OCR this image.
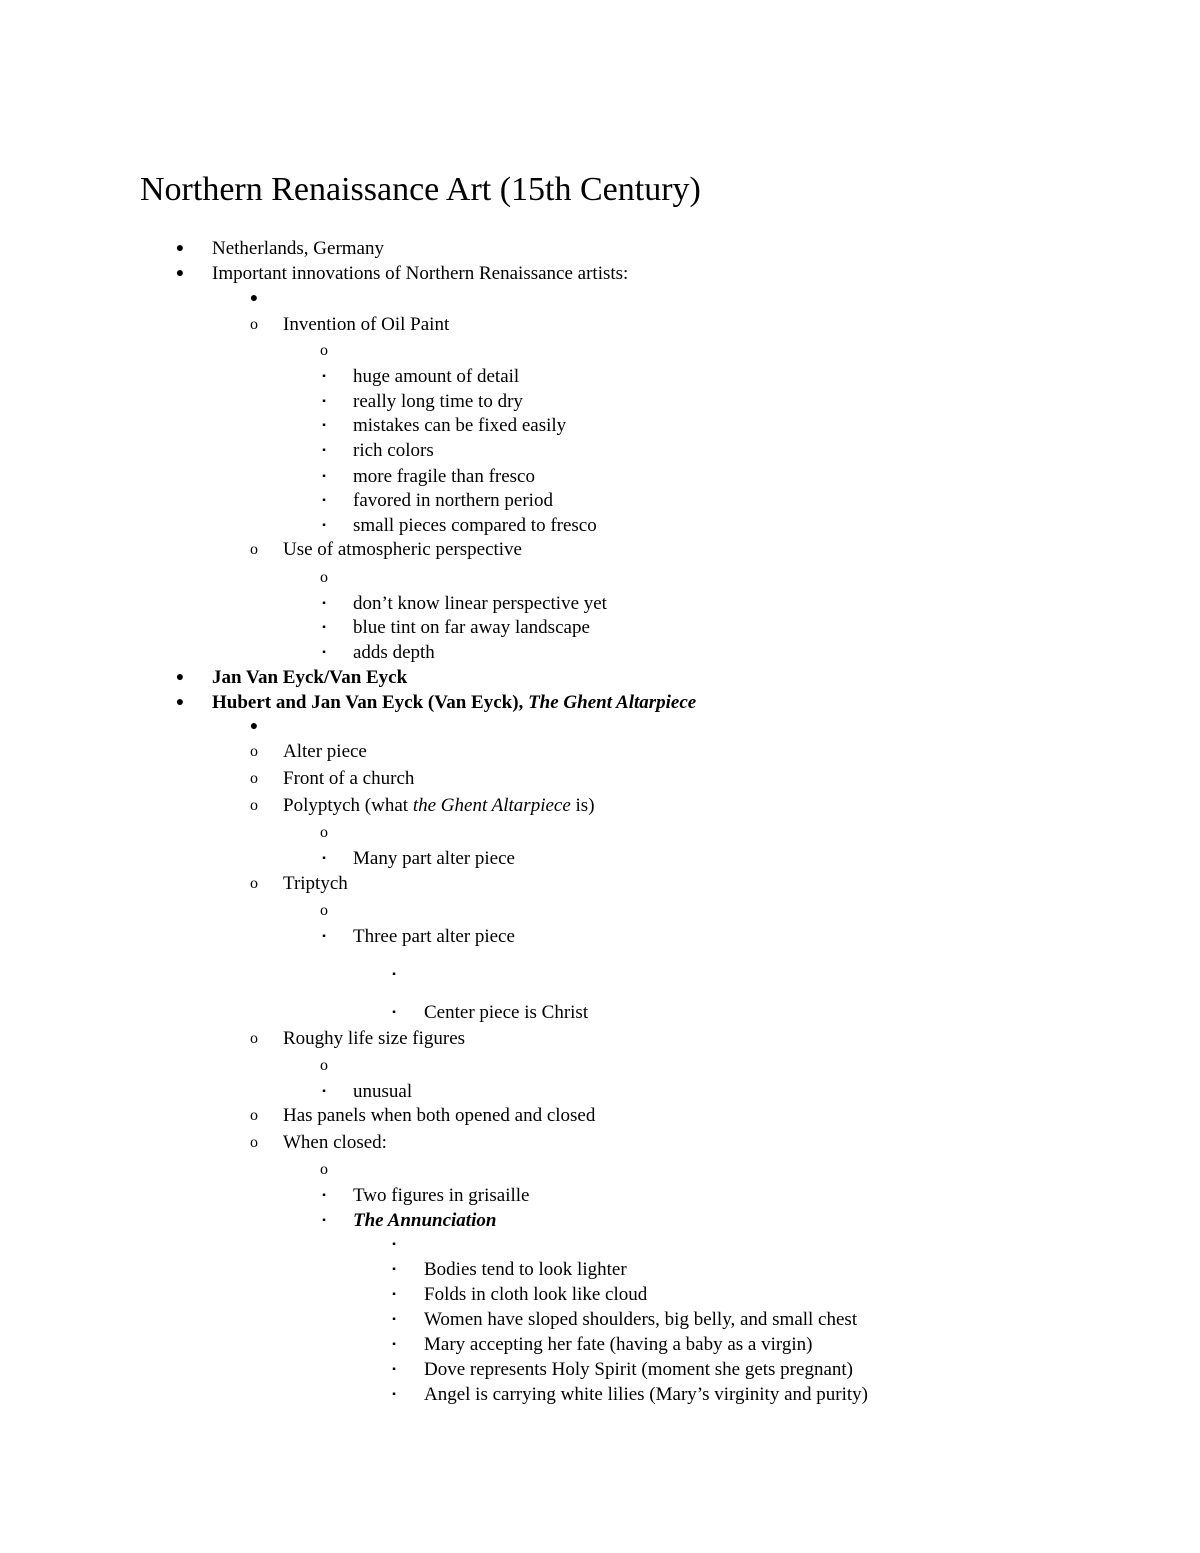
Northern Renaissance Art (15th Century)
● Netherlands, Germany
● Important innovations of Northern Renaissance artists:
●
o Invention of Oil Paint
o
▪ huge amount of detail
▪ really long time to dry
▪ mistakes can be fixed easily
▪ rich colors
▪ more fragile than fresco
▪ favored in northern period
▪ small pieces compared to fresco
o Use of atmospheric perspective
o
▪ don’t know linear perspective yet
▪ blue tint on far away landscape
▪ adds depth
● Jan Van Eyck/Van Eyck
● Hubert and Jan Van Eyck (Van Eyck), The Ghent Altarpiece
●
o Alter piece
o Front of a church
o Polyptych (what the Ghent Altarpiece is)
o
▪ Many part alter piece
o Triptych
o
▪ Three part alter piece
▪
▪ Center piece is Christ
o Roughy life size figures
o
▪ unusual
o Has panels when both opened and closed
o When closed:
o
▪ Two figures in grisaille
▪ The Annunciation
▪
▪ Bodies tend to look lighter
▪ Folds in cloth look like cloud
▪ Women have sloped shoulders, big belly, and small chest
▪ Mary accepting her fate (having a baby as a virgin)
▪ Dove represents Holy Spirit (moment she gets pregnant)
▪ Angel is carrying white lilies (Mary’s virginity and purity)
